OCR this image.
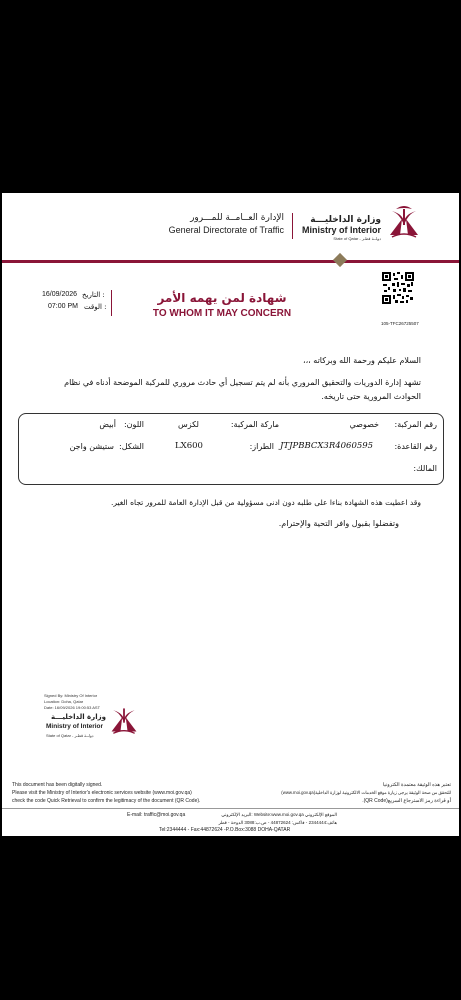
وزارة الداخليـــة
Ministry of Interior
State of Qatar - دولــة قطـر
الإدارة العــامــة للمـــرور
General Directorate of Traffic
16/09/2026 التاريخ :
07:00 PM الوقت :
شهادة لمن يهمه الأمر
TO WHOM IT MAY CONCERN
105-TFC26725507
السلام عليكم ورحمة الله وبركاته ،،،
تشهد إدارة الدوريات والتحقيق المروري بأنه لم يتم تسجيل أي حادث مروري للمركبة الموضحة أدناه في نظام الحوادث المرورية حتى تاريخه.
رقم المركبة:
خصوصي
ماركة المركبة:
لكزس
اللون:
أبيض
رقم القاعدة:
JTJPBBCX3R4060595
الطراز:
LX600
الشكل:
ستيشن واجن
المالك:
وقد اعطيت هذه الشهادة بناءا على طلبه دون ادنى مسؤولية من قبل الإدارة العامة للمرور تجاه الغير.
وتفضلوا بقبول وافر التحية والإحترام.
Signed By: Ministry Of Interior
Location: Doha, Qatar
Date: 16/09/2026 19:00:53 AST
وزارة الداخليـــة
Ministry of Interior
State of Qatar - دولــة قطـر
This document has been digitally signed.
Please visit the Ministry of Interior's electronic services website (www.moi.gov.qa)
check the code Quick Retrieval to confirm the legitimacy of the document (QR Code).
تعتبر هذه الوثيقة معتمدة الكترونيا
للتحقق من صحة الوثيقة يرجى زيارة موقع الخدمات الالكترونية لوزارة الداخلية(www.moi.gov.qa)
أو قراءة رمز الاسترجاع السريع(QR Code).
E-mail: traffic@moi.gov.qa	الموقع الإلكتروني Website:www.moi.gov.qa :البريد الإلكتروني
هاتف:2344444 - فاكس: 44872624 - ص.ب:3088 الدوحة - قطر
Tel:2344444 - Fax:44872624 -P.O.Box:3088 DOHA-QATAR
